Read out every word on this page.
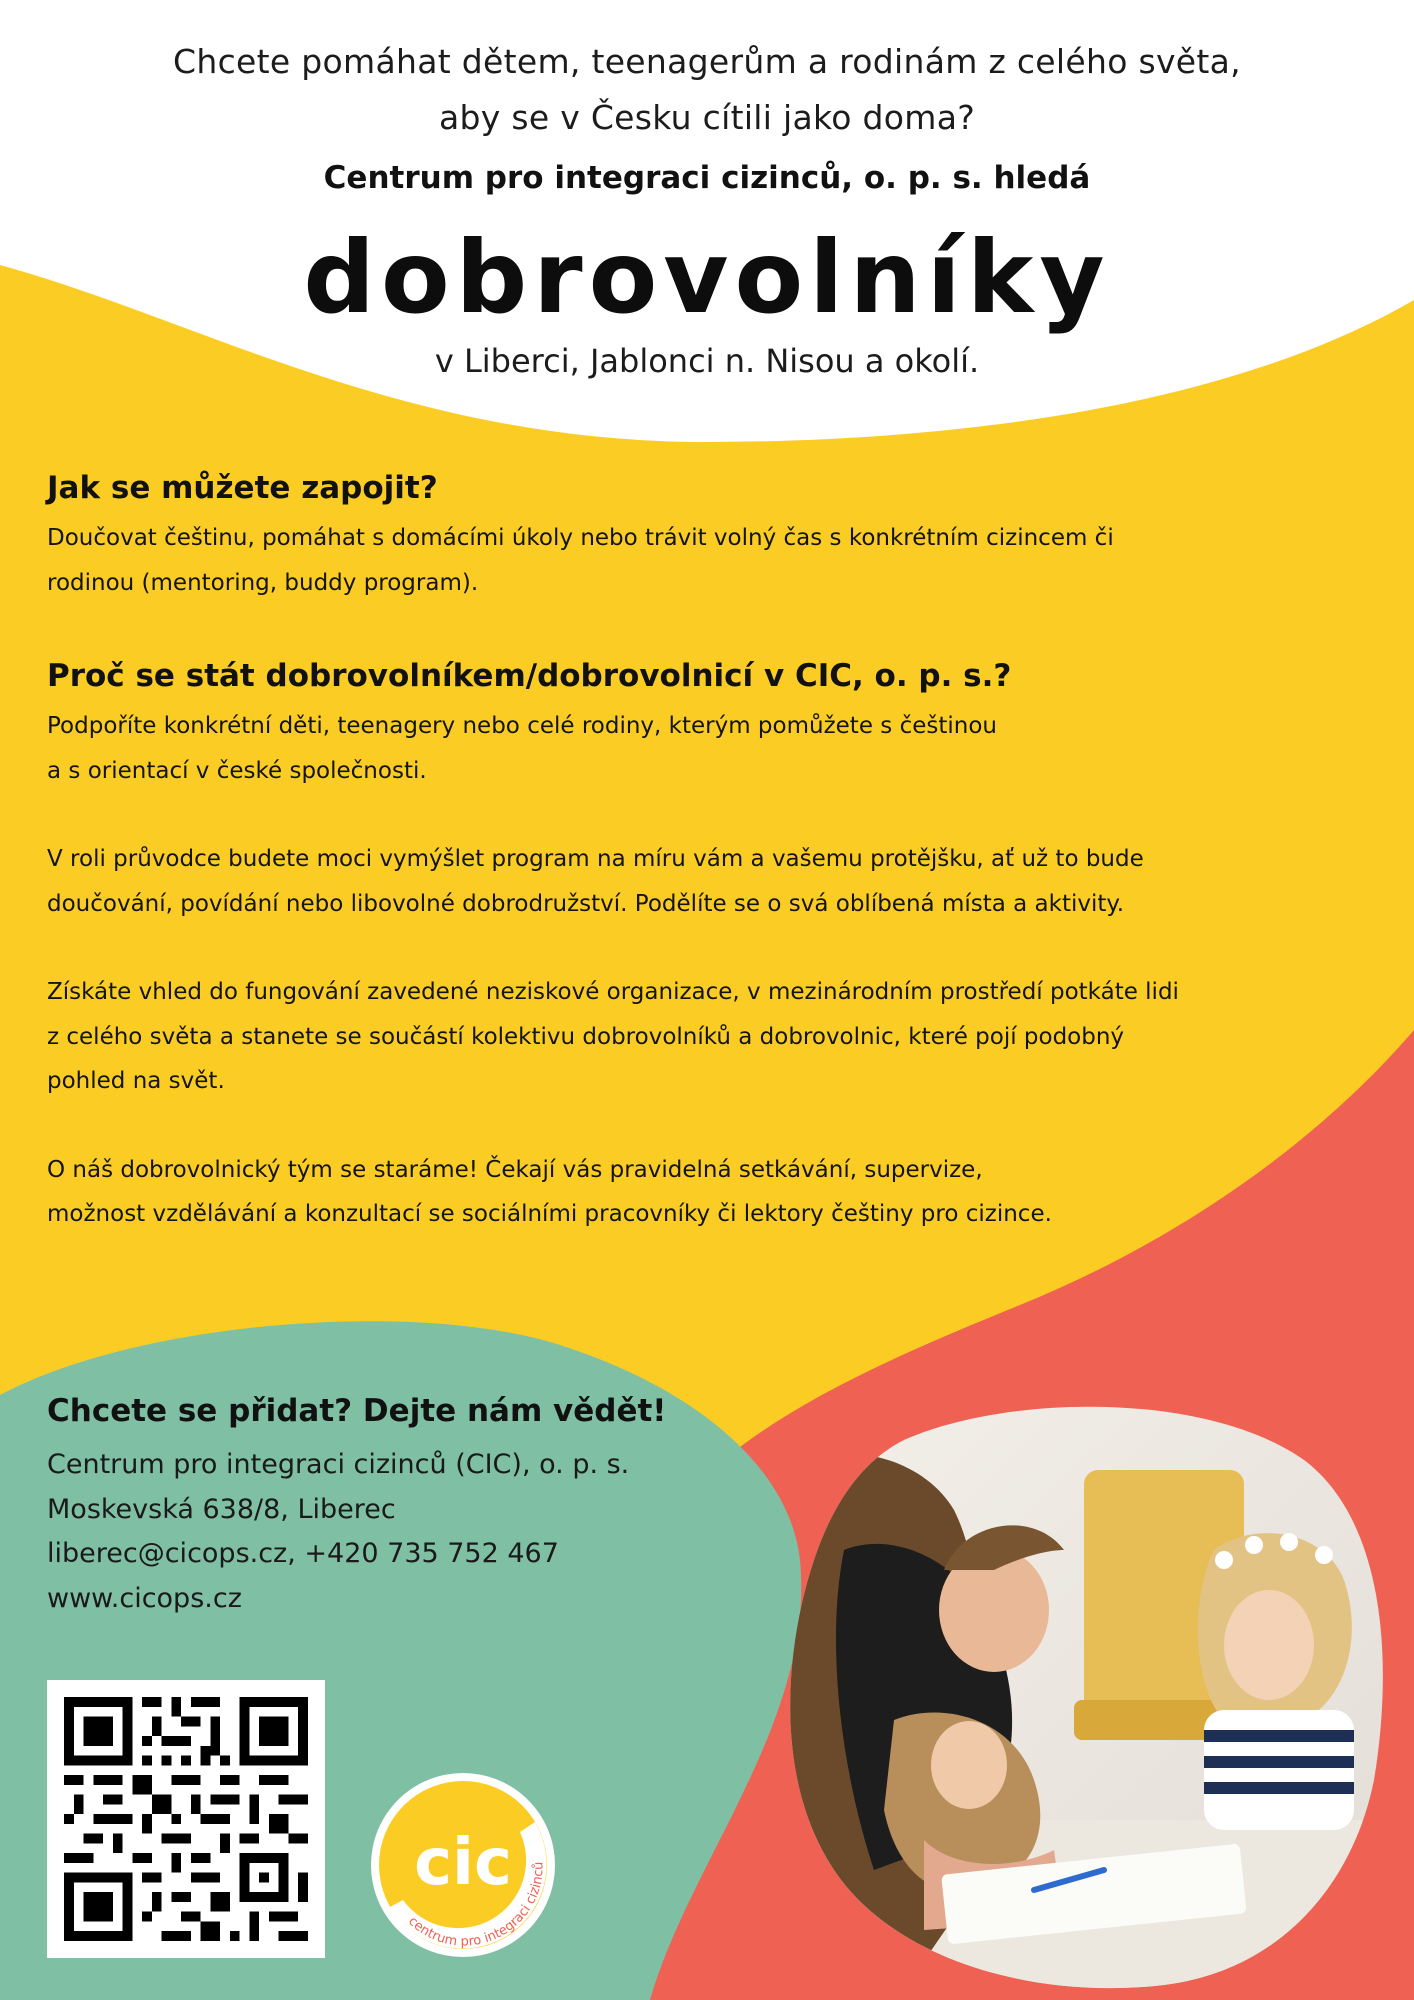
Chcete pomáhat dětem, teenagerům a rodinám z celého světa,
aby se v Česku cítili jako doma?
Centrum pro integraci cizinců, o. p. s. hledá
dobrovolníky
v Liberci, Jablonci n. Nisou a okolí.
Jak se můžete zapojit?

Doučovat češtinu, pomáhat s domácími úkoly nebo trávit volný čas s konkrétním cizincem či
rodinou (mentoring, buddy program).

Proč se stát dobrovolníkem/dobrovolnicí v CIC, o. p. s.?

Podpoříte konkrétní děti, teenagery nebo celé rodiny, kterým pomůžete s češtinou
a s orientací v české společnosti.

V roli průvodce budete moci vymýšlet program na míru vám a vašemu protějšku, ať už to bude
doučování, povídání nebo libovolné dobrodružství. Podělíte se o svá oblíbená místa a aktivity.

Získáte vhled do fungování zavedené neziskové organizace, v mezinárodním prostředí potkáte lidi
z celého světa a stanete se součástí kolektivu dobrovolníků a dobrovolnic, které pojí podobný
pohled na svět.

O náš dobrovolnický tým se staráme! Čekají vás pravidelná setkávání, supervize,
možnost vzdělávání a konzultací se sociálními pracovníky či lektory češtiny pro cizince.

Chcete se přidat? Dejte nám vědět!
Centrum pro integraci cizinců (CIC), o. p. s.
Moskevská 638/8, Liberec
liberec@cicops.cz, +420 735 752 467
www.cicops.cz
cic
centrum pro integraci cizinců
